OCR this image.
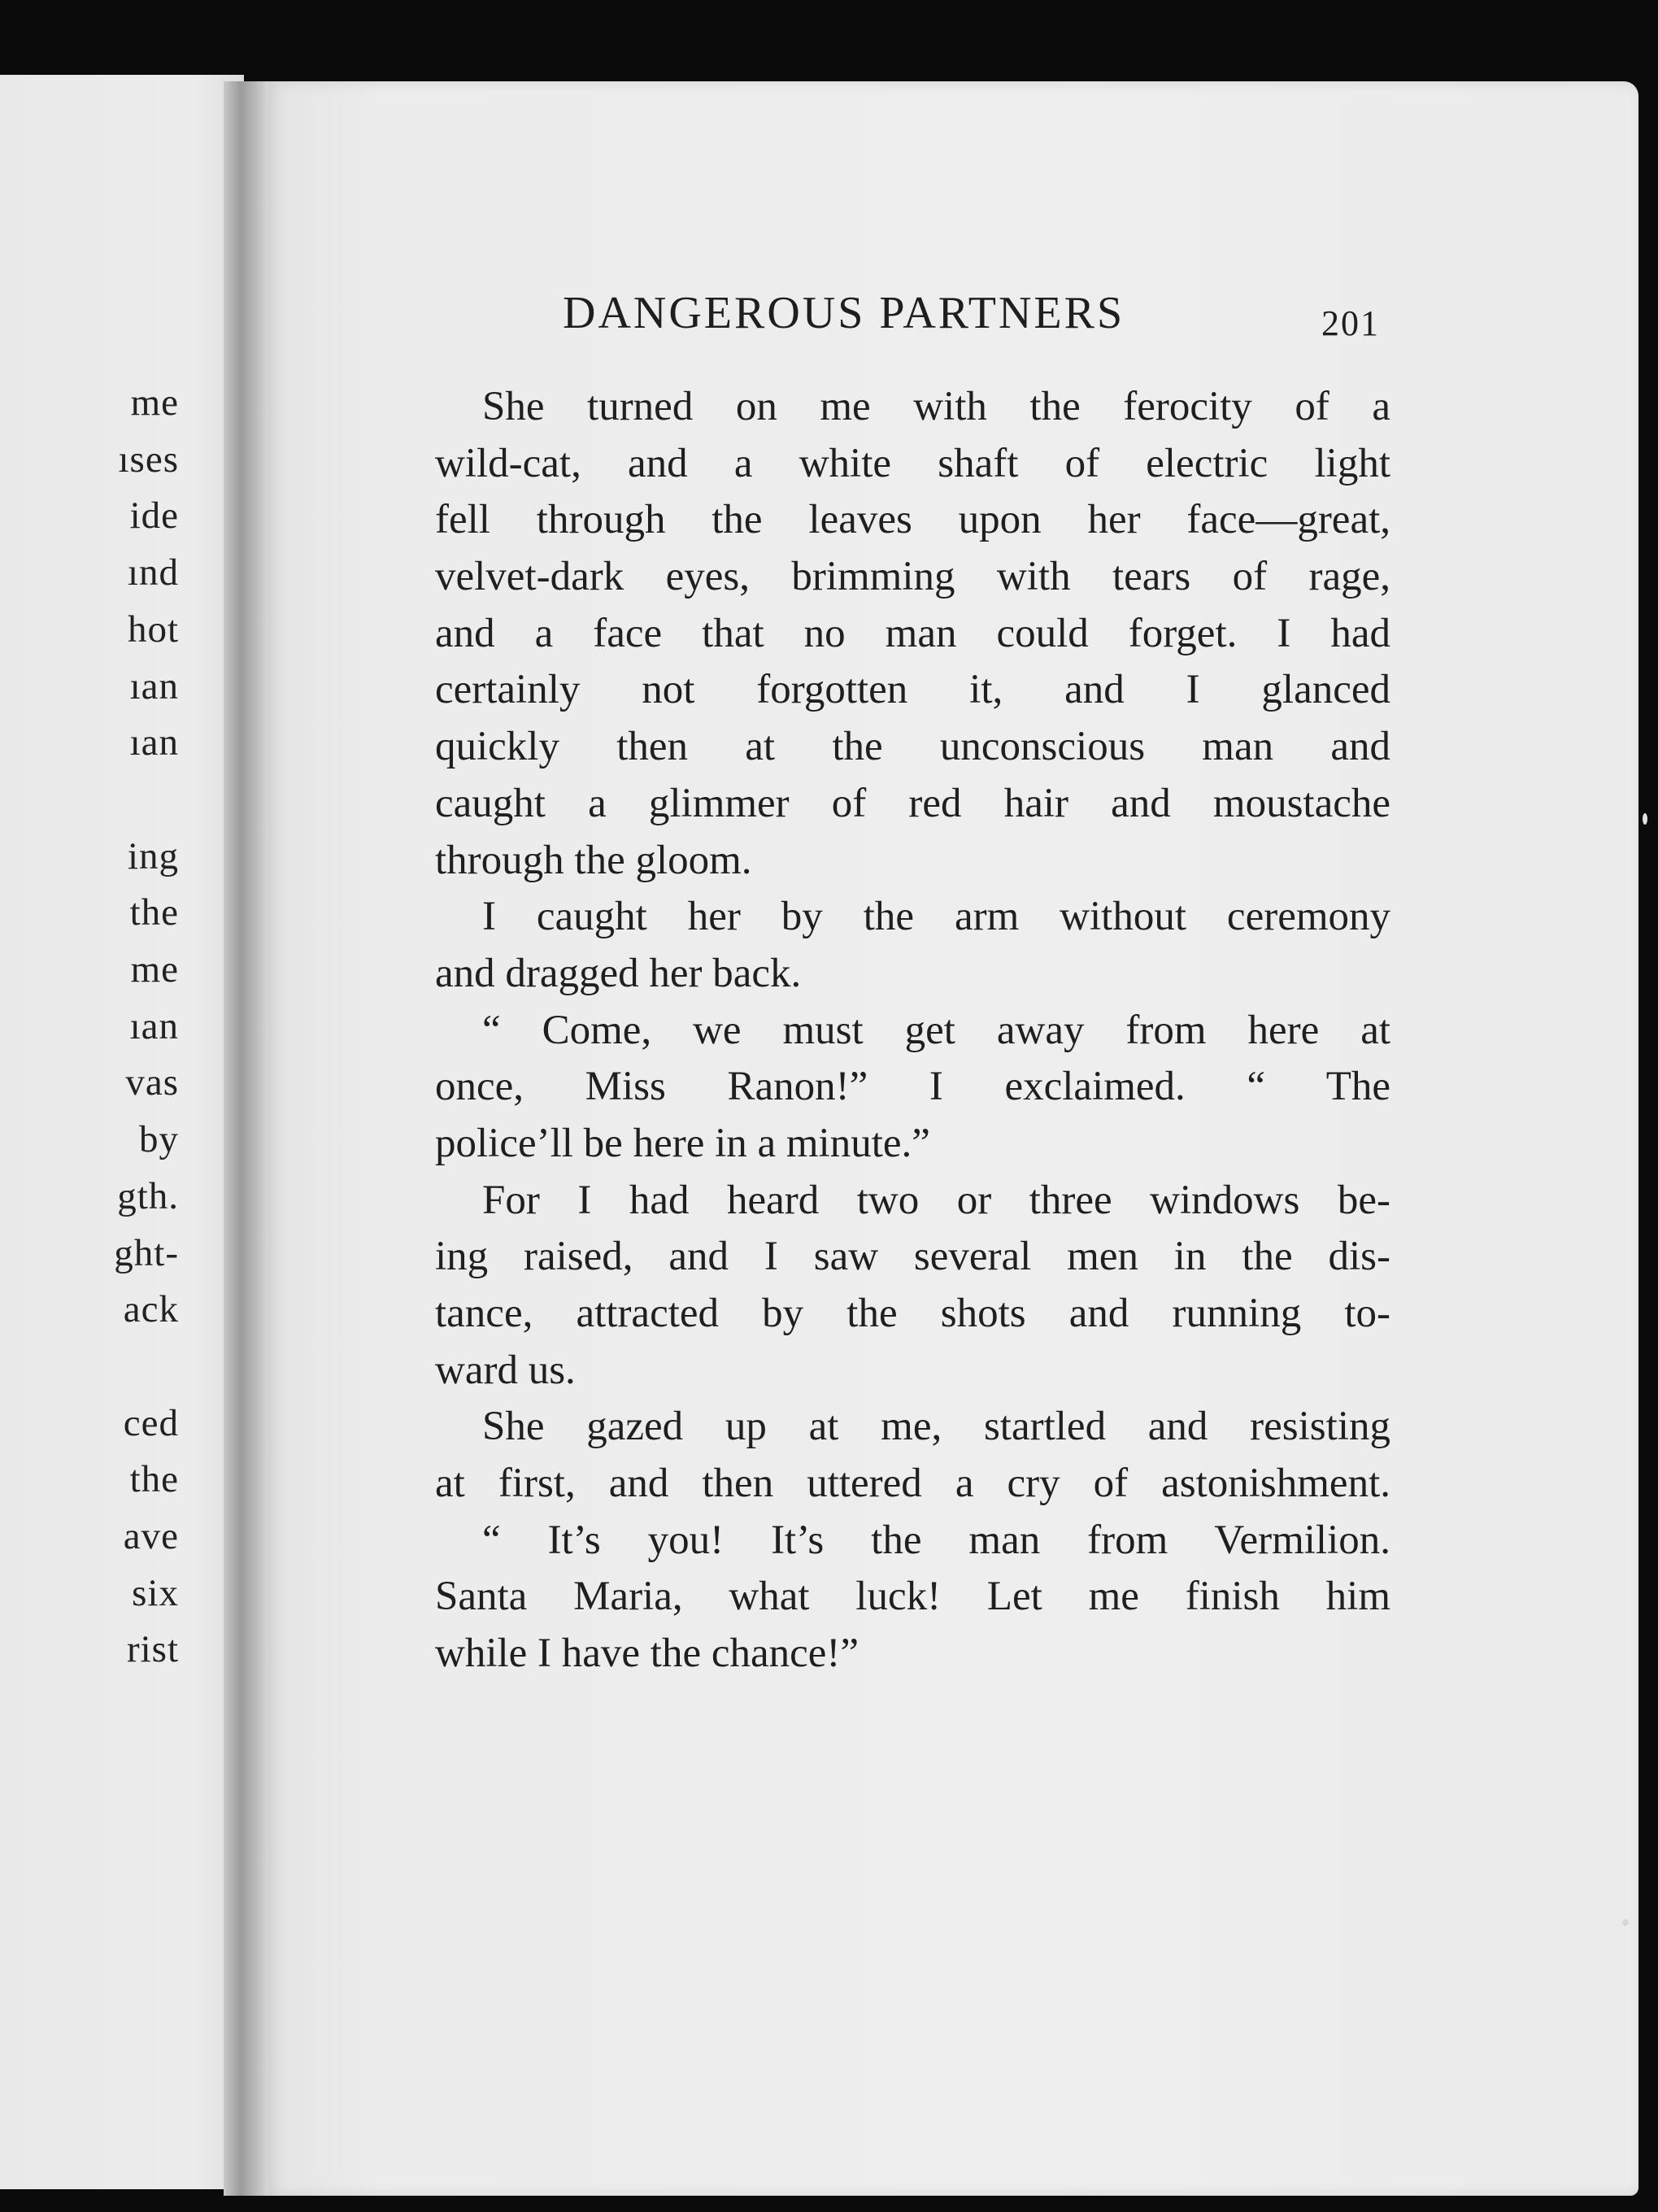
me
ıses
ide
ınd
hot
ıan
ıan
ing
the
me
ıan
vas
by
gth.
ght-
ack
ced
the
ave
six
rist
DANGEROUS PARTNERS	201
She turned on me with the ferocity of a
wild-cat, and a white shaft of electric light
fell through the leaves upon her face—great,
velvet-dark eyes, brimming with tears of rage,
and a face that no man could forget. I had
certainly not forgotten it, and I glanced
quickly then at the unconscious man and
caught a glimmer of red hair and moustache
through the gloom.
I caught her by the arm without ceremony
and dragged her back.
“ Come, we must get away from here at
once, Miss Ranon!” I exclaimed. “ The
police’ll be here in a minute.”
For I had heard two or three windows be-
ing raised, and I saw several men in the dis-
tance, attracted by the shots and running to-
ward us.
She gazed up at me, startled and resisting
at first, and then uttered a cry of astonishment.
“ It’s you! It’s the man from Vermilion.
Santa Maria, what luck! Let me finish him
while I have the chance!”
